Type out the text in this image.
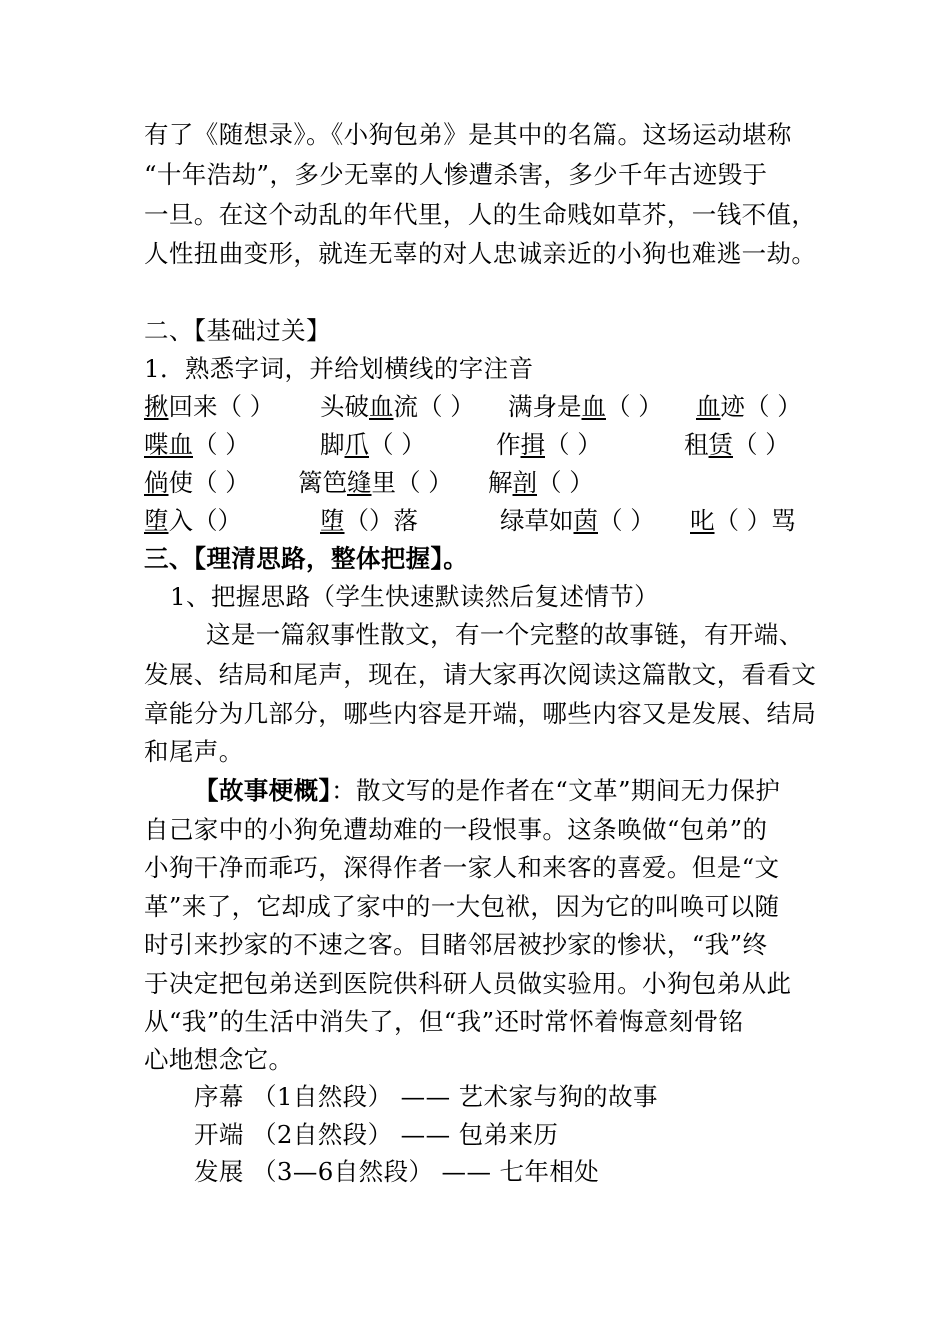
有了《随想录》。《小狗包弟》是其中的名篇。这场运动堪称
“十年浩劫”，多少无辜的人惨遭杀害，多少千年古迹毁于
一旦。在这个动乱的年代里，人的生命贱如草芥，一钱不值，
人性扭曲变形，就连无辜的对人忠诚亲近的小狗也难逃一劫。
二、【基础过关】
1．熟悉字词，并给划横线的字注音
揪回来（ ） 头破血流（ ） 满身是血（ ） 血迹（ ）
喋血（ ）	脚爪（ ）	作揖（ ）	租赁（ ）
倘使（ ） 篱笆缝里（ ） 解剖（ ）
堕入（）	堕（）落	绿草如茵（ ） 叱（ ）骂
三、【理清思路，整体把握】。
1、把握思路（学生快速默读然后复述情节）
这是一篇叙事性散文，有一个完整的故事链，有开端、
发展、结局和尾声，现在，请大家再次阅读这篇散文，看看文
章能分为几部分，哪些内容是开端，哪些内容又是发展、结局
和尾声。
【故事梗概】：散文写的是作者在“文革”期间无力保护
自己家中的小狗免遭劫难的一段恨事。这条唤做“包弟”的
小狗干净而乖巧，深得作者一家人和来客的喜爱。但是“文
革”来了，它却成了家中的一大包袱，因为它的叫唤可以随
时引来抄家的不速之客。目睹邻居被抄家的惨状，“我”终
于决定把包弟送到医院供科研人员做实验用。小狗包弟从此
从“我”的生活中消失了，但“我”还时常怀着悔意刻骨铭
心地想念它。
序幕 （1自然段） —— 艺术家与狗的故事
开端 （2自然段） —— 包弟来历
发展 （3—6自然段） —— 七年相处
